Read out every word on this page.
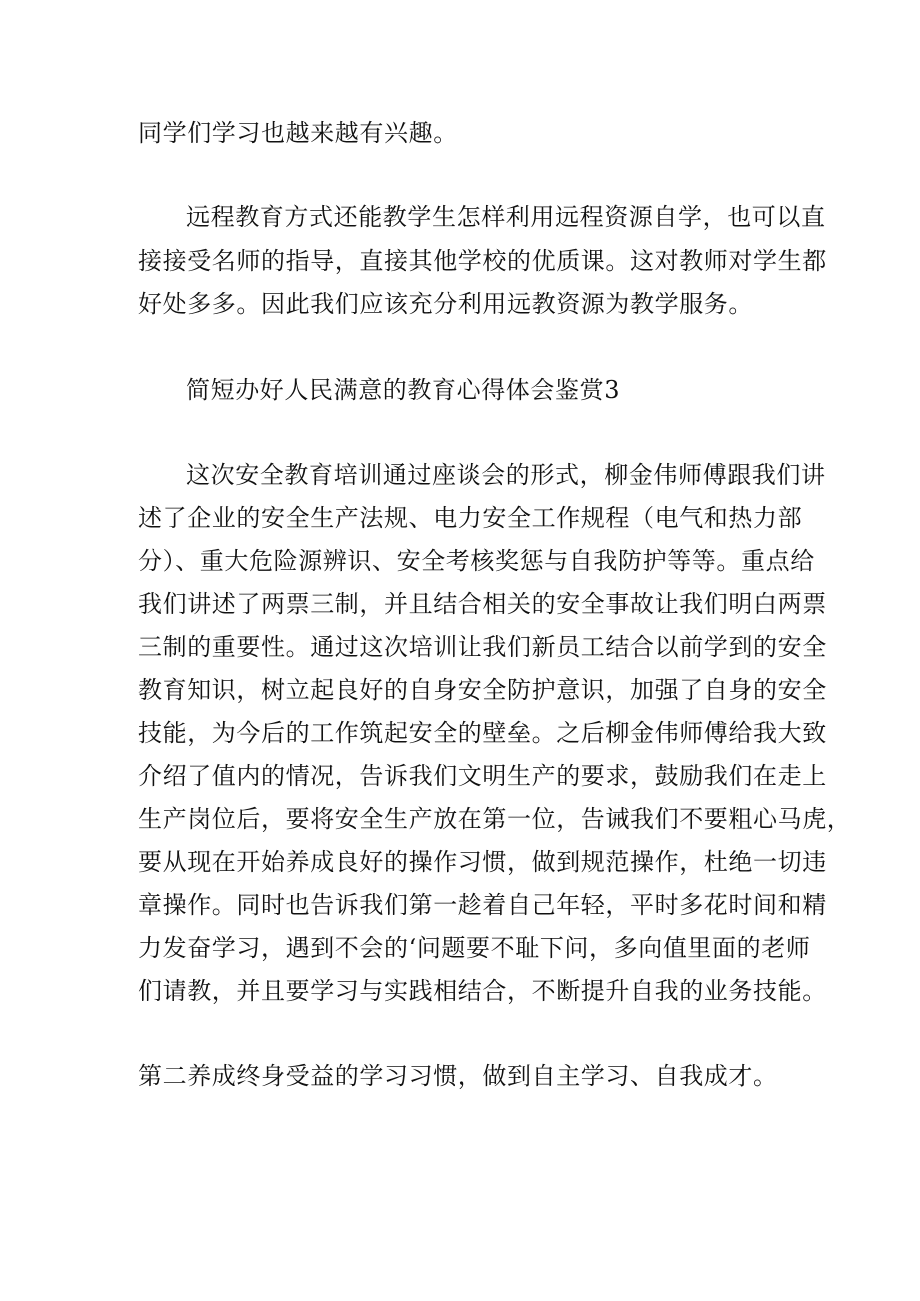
同学们学习也越来越有兴趣。
远程教育方式还能教学生怎样利用远程资源自学，也可以直
接接受名师的指导，直接其他学校的优质课。这对教师对学生都
好处多多。因此我们应该充分利用远教资源为教学服务。
简短办好人民满意的教育心得体会鉴赏3
这次安全教育培训通过座谈会的形式，柳金伟师傅跟我们讲
述了企业的安全生产法规、电力安全工作规程（电气和热力部
分）、重大危险源辨识、安全考核奖惩与自我防护等等。重点给
我们讲述了两票三制，并且结合相关的安全事故让我们明白两票
三制的重要性。通过这次培训让我们新员工结合以前学到的安全
教育知识，树立起良好的自身安全防护意识，加强了自身的安全
技能，为今后的工作筑起安全的壁垒。之后柳金伟师傅给我大致
介绍了值内的情况，告诉我们文明生产的要求，鼓励我们在走上
生产岗位后，要将安全生产放在第一位，告诫我们不要粗心马虎，
要从现在开始养成良好的操作习惯，做到规范操作，杜绝一切违
章操作。同时也告诉我们第一趁着自己年轻，平时多花时间和精
力发奋学习，遇到不会的‘问题要不耻下问，多向值里面的老师
们请教，并且要学习与实践相结合，不断提升自我的业务技能。
第二养成终身受益的学习习惯，做到自主学习、自我成才。
